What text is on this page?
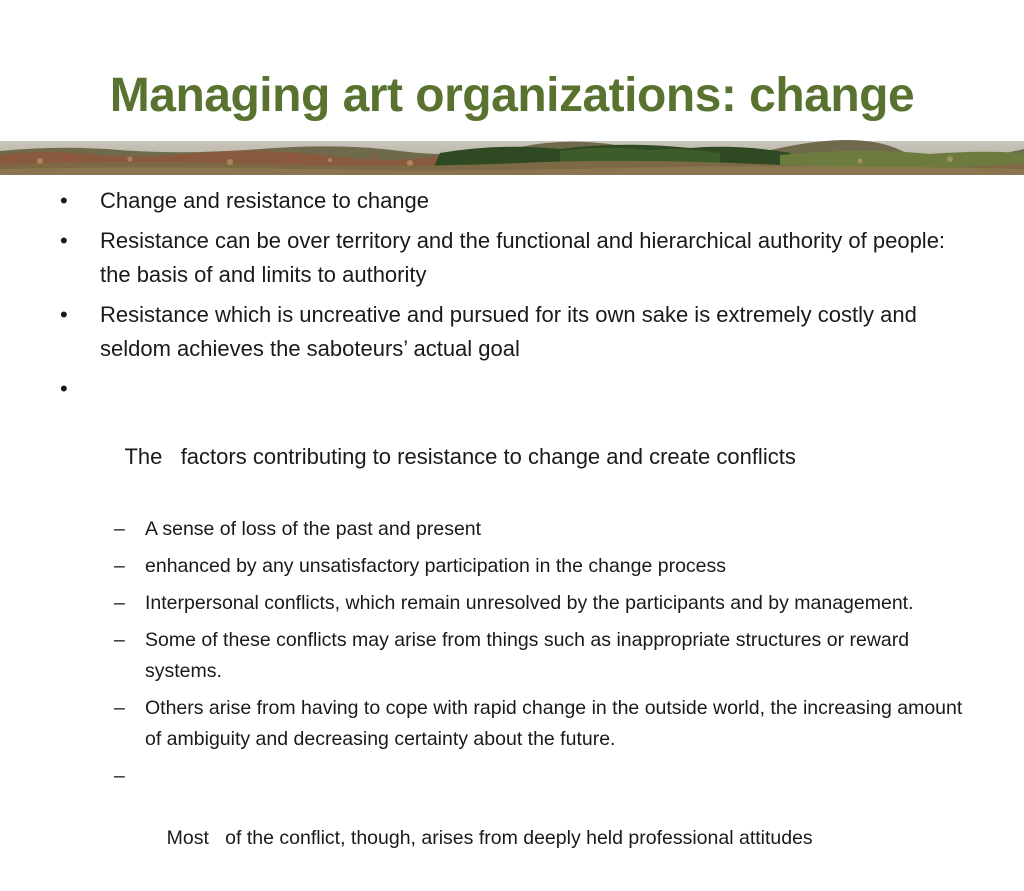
Managing art organizations: change
•	Change and resistance to change
•	Resistance can be over territory and the functional and hierarchical authority of people: the basis of and limits to authority
•	Resistance which is uncreative and pursued for its own sake is extremely costly and seldom achieves the saboteurs’ actual goal

•

The   factors contributing to resistance to change and create conflicts

–	A sense of loss of the past and present
–	enhanced by any unsatisfactory participation in the change process
–	Interpersonal conflicts, which remain unresolved by the participants and by management.
–	Some of these conflicts may arise from things such as inappropriate structures or reward systems.
–	Others arise from having to cope with rapid change in the outside world, the increasing amount of ambiguity and decreasing certainty about the future.

–

Most   of the conflict, though, arises from deeply held professional attitudes
